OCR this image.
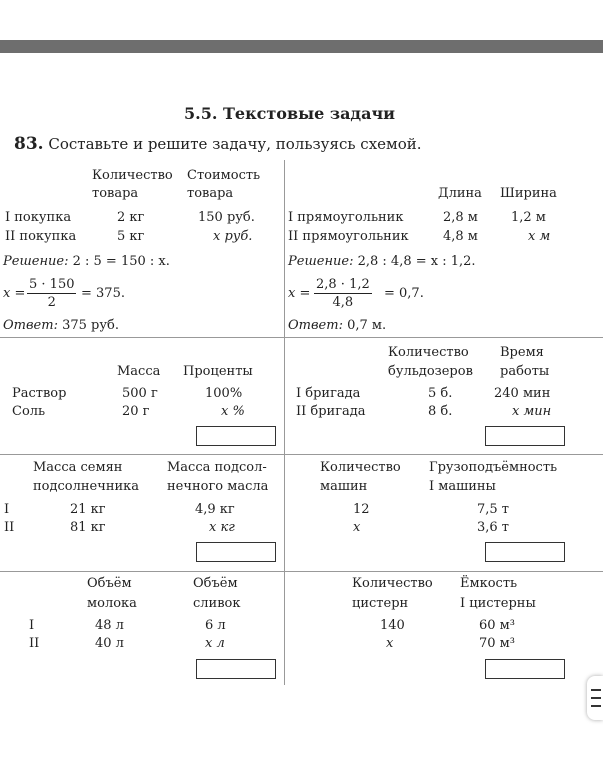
5.5. Текстовые задачи
83. Составьте и решите задачу, пользуясь схемой.
Количество
товара
Стоимость
товара
I покупка	2 кг	150 руб.
II покупка	5 кг	x руб.
Решение: 2 : 5 = 150 : x.
$x = \frac{5 \cdot 150}{2} = 375$.
Ответ: 375 руб.
Длина Ширина
I прямоугольник	2,8 м	1,2 м
II прямоугольник	4,8 м	x м
Решение: 2,8 : 4,8 = x : 1,2.
$x = \frac{2,8 \cdot 1,2}{4,8} = 0,7$.
Ответ: 0,7 м.
Масса Проценты
Раствор	500 г	100%
Соль	20 г	x %
Количество
бульдозеров
Время
работы
I бригада	5 б.	240 мин
II бригада	8 б.	x мин
Масса семян
подсолнечника
Масса подсол-
нечного масла
I	21 кг	4,9 кг
II	81 кг	x кг
Количество
машин
Грузоподъёмность
I машины
12	7,5 т
x	3,6 т
Объём
молока
Объём
сливок
I	48 л	6 л
II	40 л	x л
Количество
цистерн
Ёмкость
I цистерны
140	60 м³
x	70 м³
